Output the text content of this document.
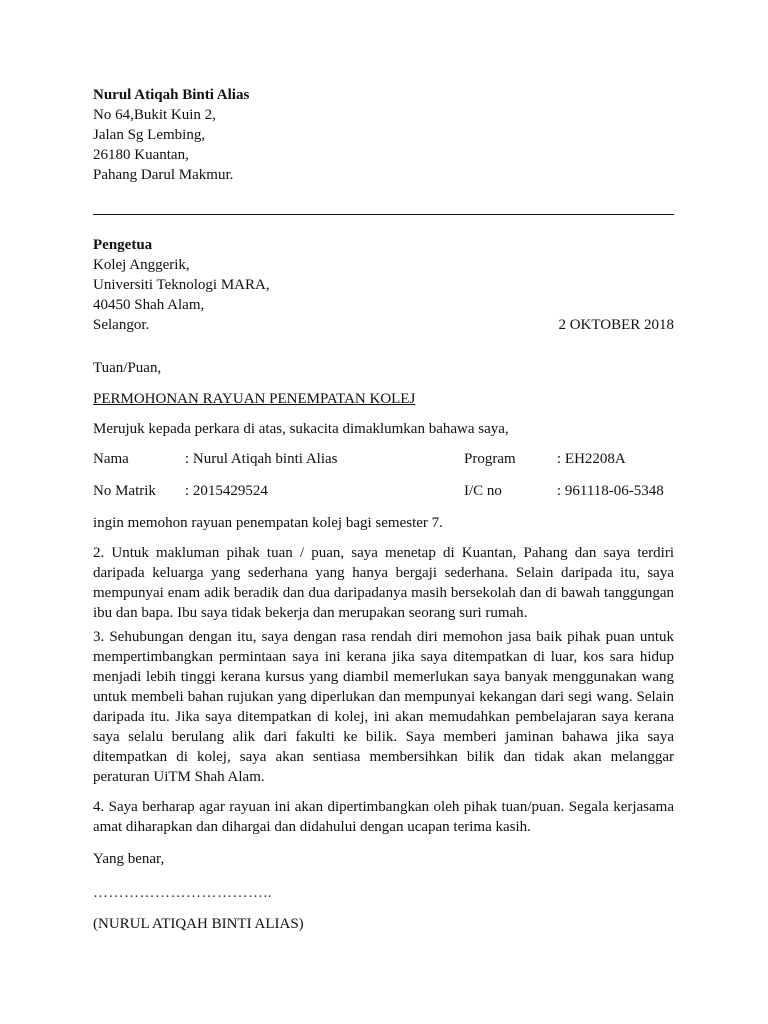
Nurul Atiqah Binti Alias
No 64,Bukit Kuin 2,
Jalan Sg Lembing,
26180 Kuantan,
Pahang Darul Makmur.
Pengetua
Kolej Anggerik,
Universiti Teknologi MARA,
40450 Shah Alam,
Selangor.	2 OKTOBER 2018
Tuan/Puan,
PERMOHONAN RAYUAN PENEMPATAN KOLEJ
Merujuk kepada perkara di atas, sukacita dimaklumkan bahawa saya,
Nama	: Nurul Atiqah binti Alias	Program	: EH2208A
No Matrik	: 2015429524	I/C no	: 961118-06-5348
ingin memohon rayuan penempatan kolej bagi semester 7.

2. Untuk makluman pihak tuan / puan, saya menetap di Kuantan, Pahang dan saya terdiri daripada keluarga yang sederhana yang hanya bergaji sederhana. Selain daripada itu, saya mempunyai enam adik beradik dan dua daripadanya masih bersekolah dan di bawah tanggungan ibu dan bapa. Ibu saya tidak bekerja dan merupakan seorang suri rumah.

3. Sehubungan dengan itu, saya dengan rasa rendah diri memohon jasa baik pihak puan untuk mempertimbangkan permintaan saya ini kerana jika saya ditempatkan di luar, kos sara hidup menjadi lebih tinggi kerana kursus yang diambil memerlukan saya banyak menggunakan wang untuk membeli bahan rujukan yang diperlukan dan mempunyai kekangan dari segi wang. Selain daripada itu. Jika saya ditempatkan di kolej, ini akan memudahkan pembelajaran saya kerana saya selalu berulang alik dari fakulti ke bilik. Saya memberi jaminan bahawa jika saya ditempatkan di kolej, saya akan sentiasa membersihkan bilik dan tidak akan melanggar peraturan UiTM Shah Alam.

4. Saya berharap agar rayuan ini akan dipertimbangkan oleh pihak tuan/puan. Segala kerjasama amat diharapkan dan dihargai dan didahului dengan ucapan terima kasih.

Yang benar,
……………………………..
(NURUL ATIQAH BINTI ALIAS)
